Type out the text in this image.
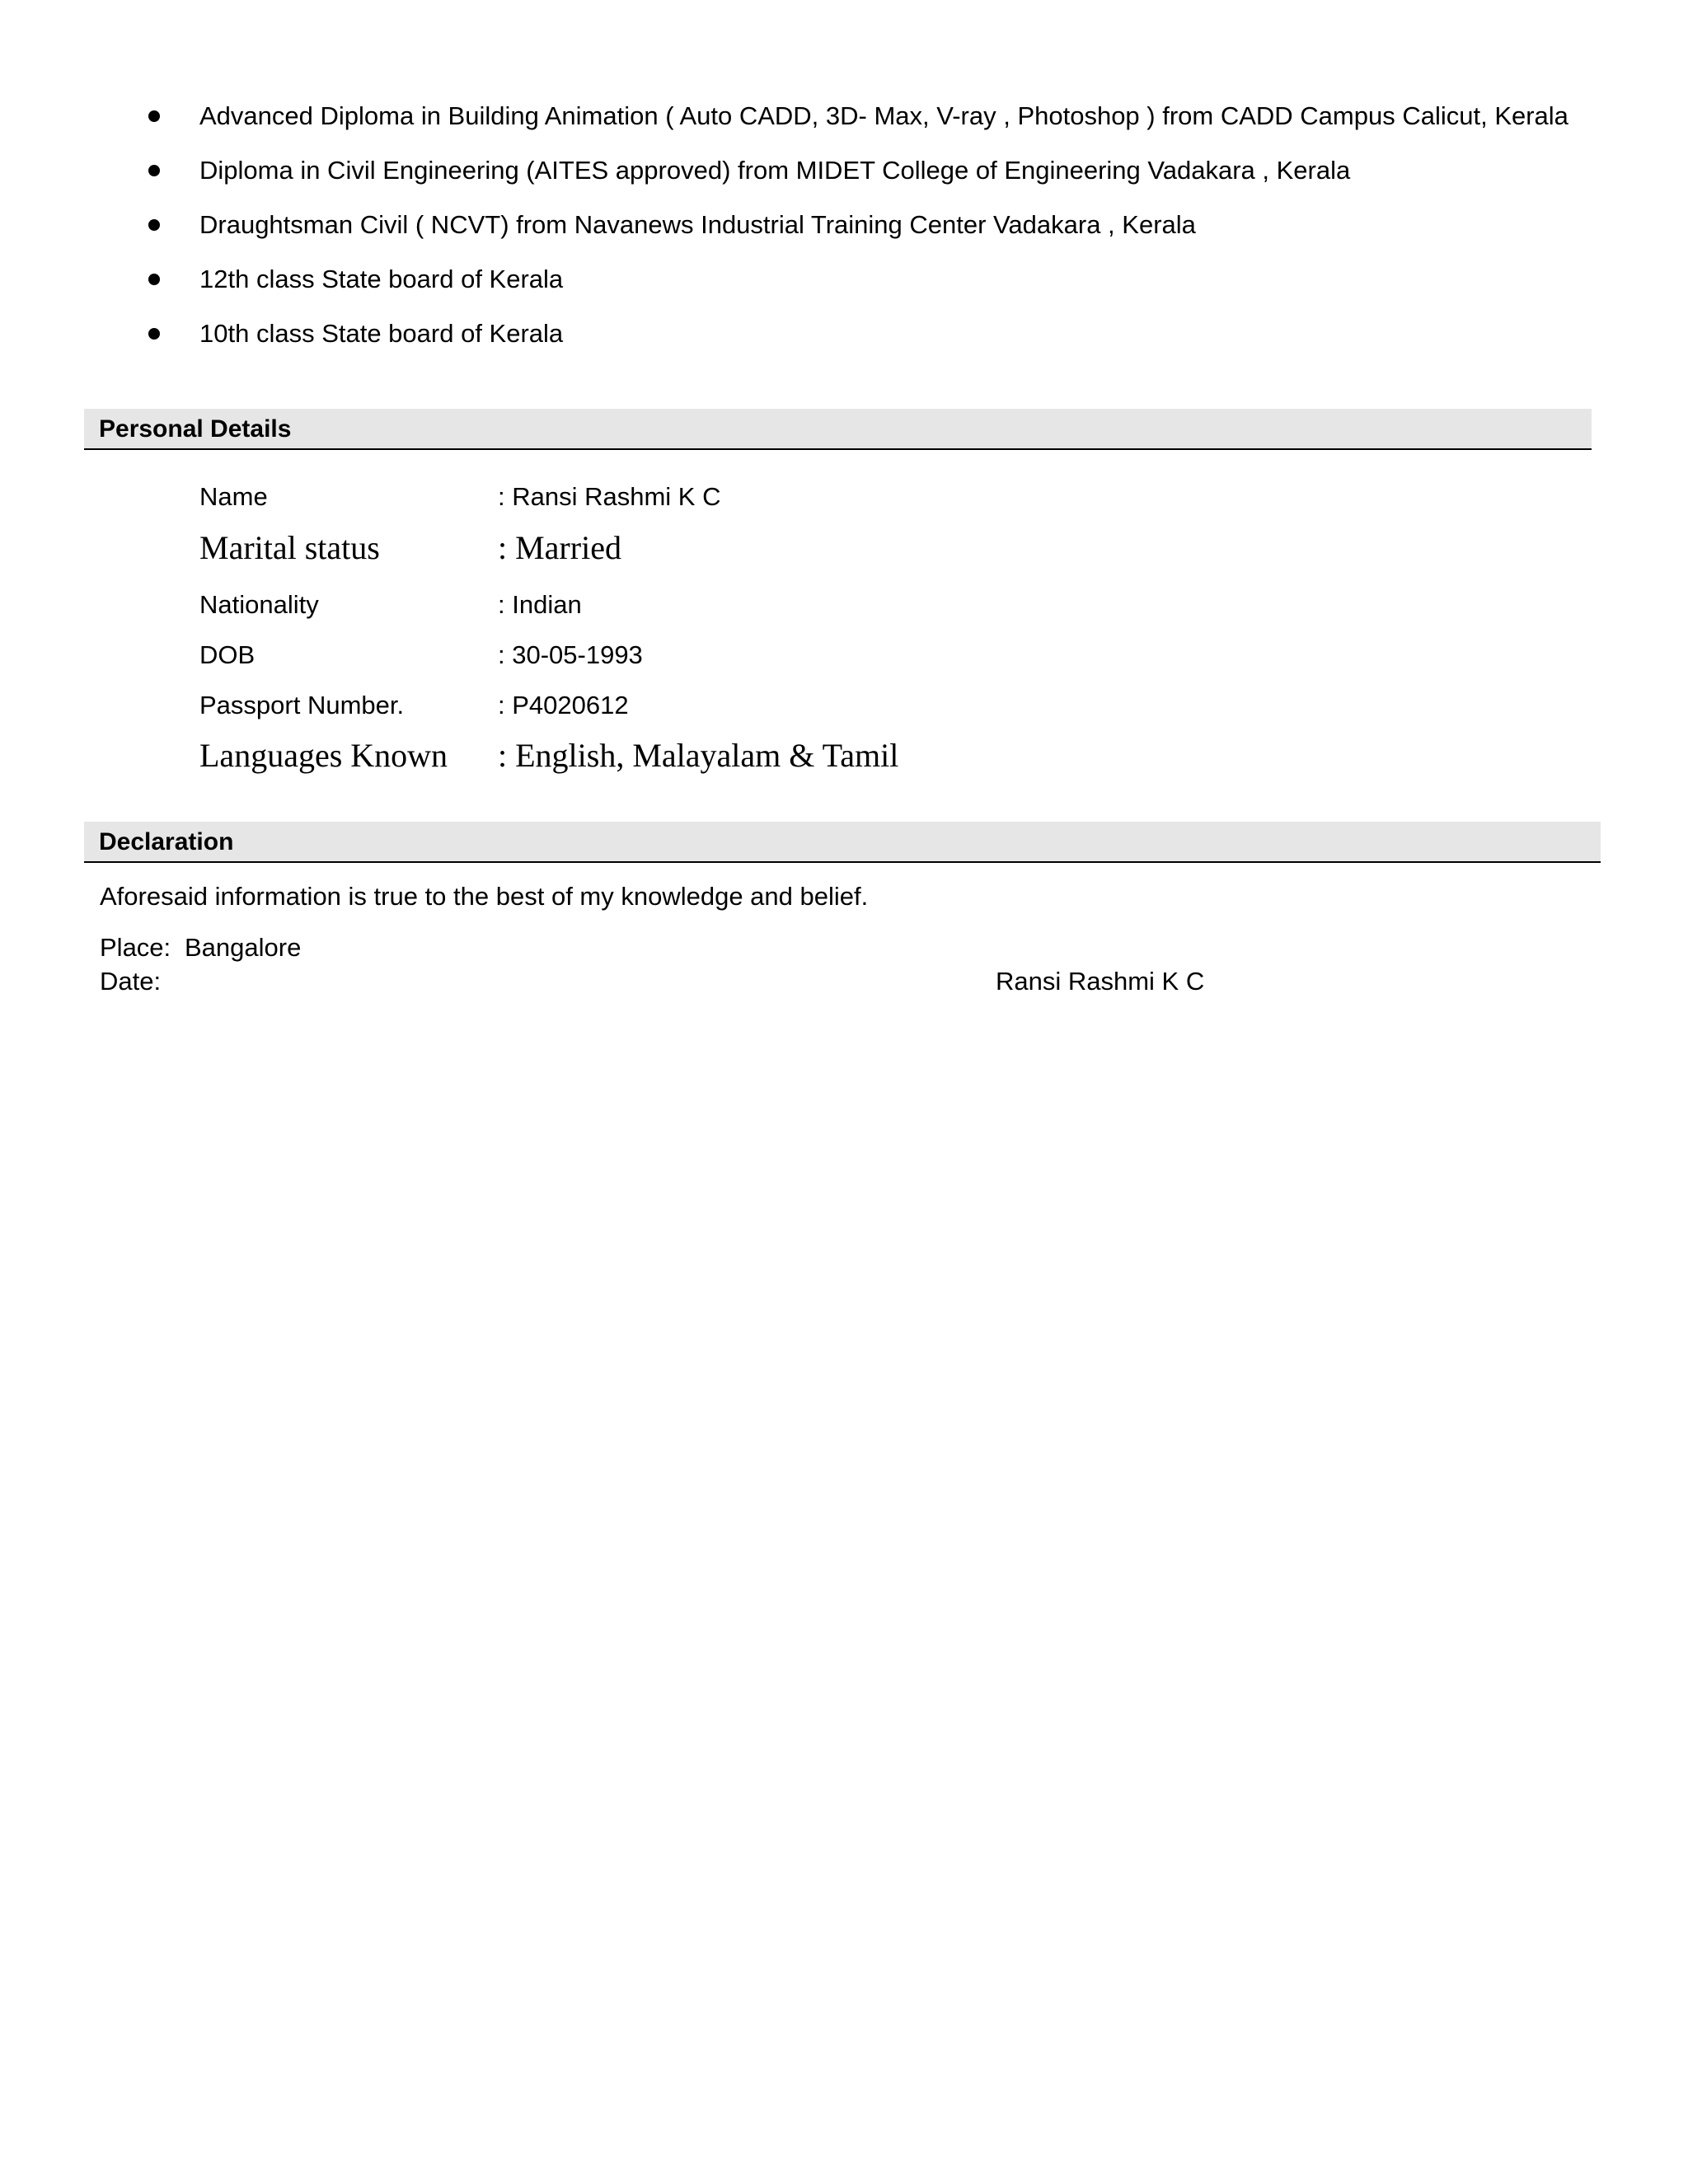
Advanced Diploma in Building Animation ( Auto CADD, 3D- Max, V-ray , Photoshop ) from CADD Campus Calicut, Kerala
Diploma in Civil Engineering (AITES approved) from MIDET College of Engineering Vadakara , Kerala
Draughtsman Civil ( NCVT) from Navanews Industrial Training Center Vadakara , Kerala
12th class State board of Kerala
10th class State board of Kerala
Personal Details
Name	: Ransi Rashmi K C
Marital status	: Married
Nationality	: Indian
DOB	: 30-05-1993
Passport Number.	: P4020612
Languages Known : English, Malayalam & Tamil
Declaration
Aforesaid information is true to the best of my knowledge and belief.
Place: Bangalore
Date:	Ransi Rashmi K C
